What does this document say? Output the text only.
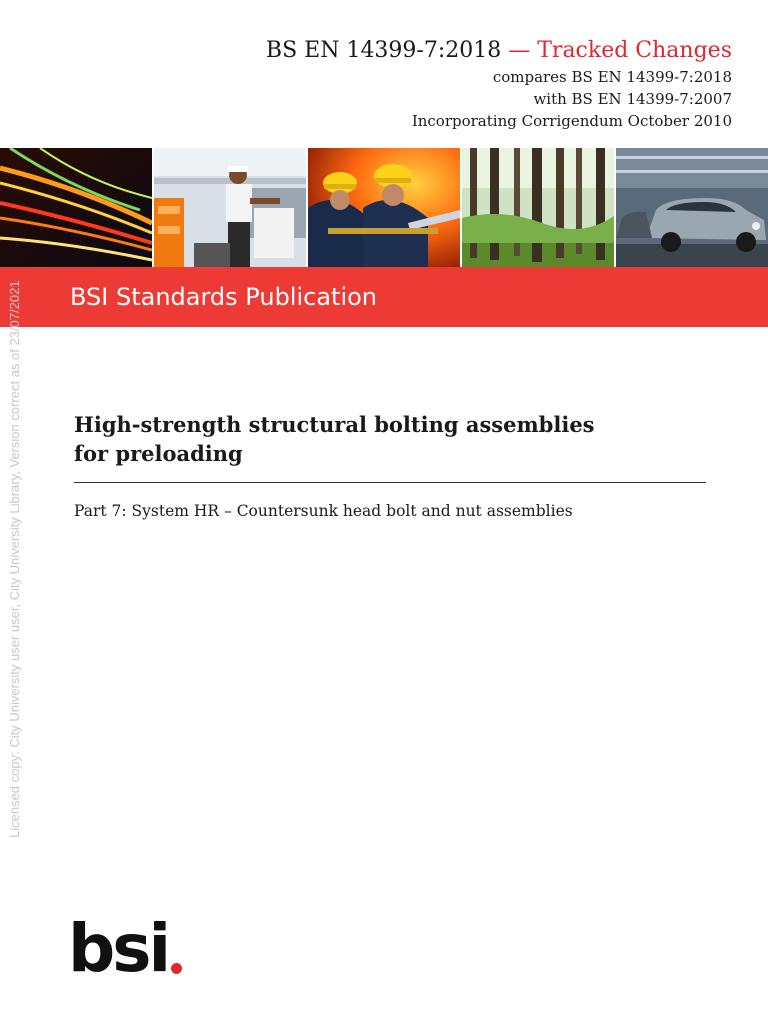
BS EN 14399-7:2018 — Tracked Changes
compares BS EN 14399-7:2018
with BS EN 14399-7:2007
Incorporating Corrigendum October 2010
BSI Standards Publication
High-strength structural bolting assemblies
for preloading
Part 7: System HR – Countersunk head bolt and nut assemblies
Licensed copy: City University user user, City University Library, Version correct as of 23/07/2021
bsi
